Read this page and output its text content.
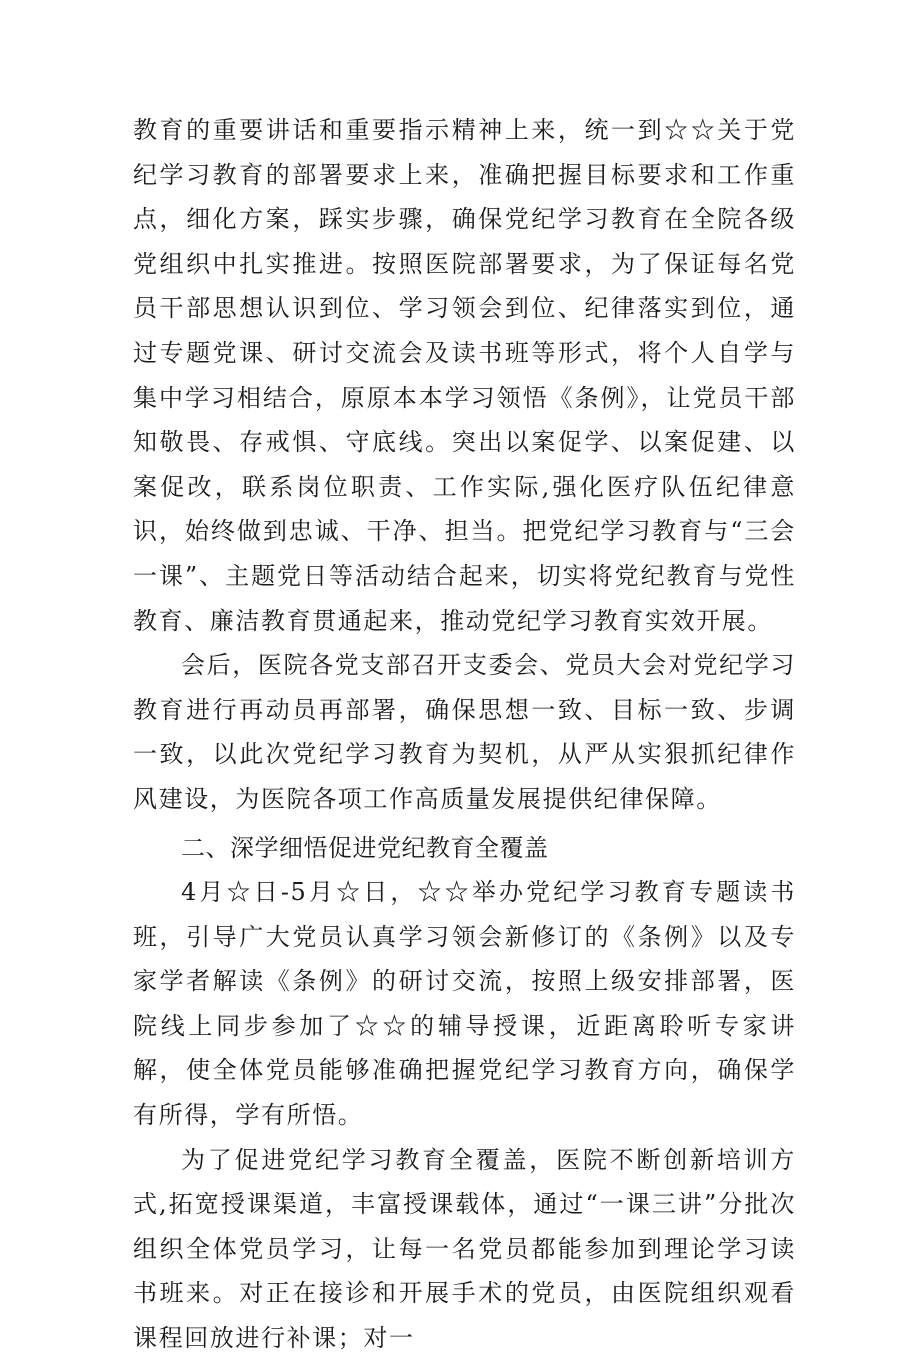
教育的重要讲话和重要指示精神上来，统一到☆☆关于党纪学习教育的部署要求上来，准确把握目标要求和工作重点，细化方案，踩实步骤，确保党纪学习教育在全院各级党组织中扎实推进。按照医院部署要求，为了保证每名党员干部思想认识到位、学习领会到位、纪律落实到位，通过专题党课、研讨交流会及读书班等形式，将个人自学与集中学习相结合，原原本本学习领悟《条例》，让党员干部知敬畏、存戒惧、守底线。突出以案促学、以案促建、以案促改，联系岗位职责、工作实际,强化医疗队伍纪律意识，始终做到忠诚、干净、担当。把党纪学习教育与“三会一课”、主题党日等活动结合起来，切实将党纪教育与党性教育、廉洁教育贯通起来，推动党纪学习教育实效开展。

会后，医院各党支部召开支委会、党员大会对党纪学习教育进行再动员再部署，确保思想一致、目标一致、步调一致，以此次党纪学习教育为契机，从严从实狠抓纪律作风建设，为医院各项工作高质量发展提供纪律保障。

二、深学细悟促进党纪教育全覆盖

4月☆日-5月☆日，☆☆举办党纪学习教育专题读书班，引导广大党员认真学习领会新修订的《条例》以及专家学者解读《条例》的研讨交流，按照上级安排部署，医院线上同步参加了☆☆的辅导授课，近距离聆听专家讲解，使全体党员能够准确把握党纪学习教育方向，确保学有所得，学有所悟。

为了促进党纪学习教育全覆盖，医院不断创新培训方式,拓宽授课渠道，丰富授课载体，通过“一课三讲”分批次组织全体党员学习，让每一名党员都能参加到理论学习读书班来。对正在接诊和开展手术的党员，由医院组织观看课程回放进行补课；对一
